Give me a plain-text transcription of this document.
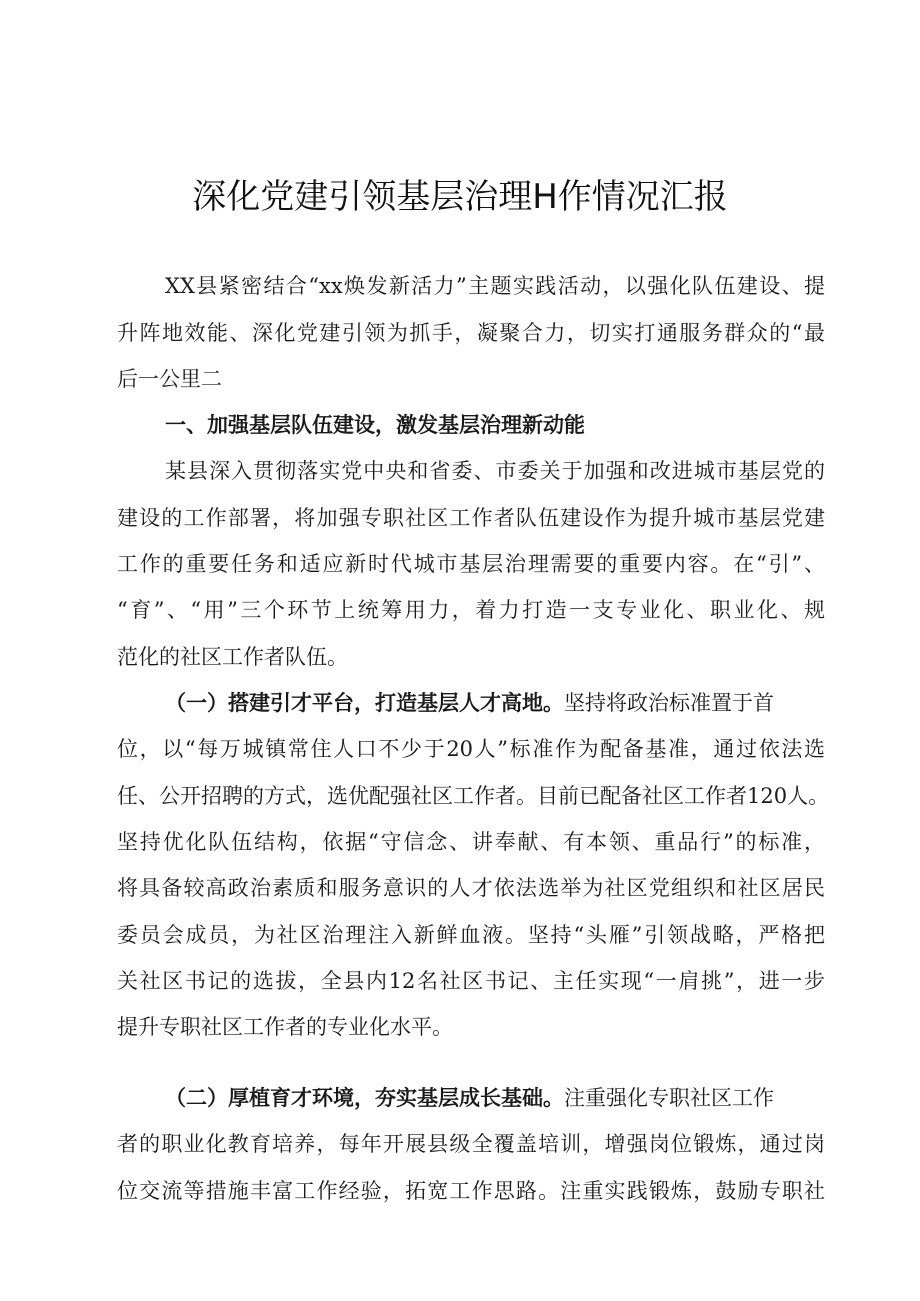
深化党建引领基层治理H作情况汇报
XX县紧密结合“xx焕发新活力”主题实践活动，以强化队伍建设、提
升阵地效能、深化党建引领为抓手，凝聚合力，切实打通服务群众的“最
后一公里二
一、加强基层队伍建设，激发基层治理新动能
某县深入贯彻落实党中央和省委、市委关于加强和改进城市基层党的
建设的工作部署，将加强专职社区工作者队伍建设作为提升城市基层党建
工作的重要任务和适应新时代城市基层治理需要的重要内容。在“引”、
“育”、“用”三个环节上统筹用力，着力打造一支专业化、职业化、规
范化的社区工作者队伍。
（一）搭建引才平台，打造基层人才高地。坚持将政治标准置于首
位，以“每万城镇常住人口不少于20人”标准作为配备基准，通过依法选
任、公开招聘的方式，选优配强社区工作者。目前已配备社区工作者120人。
坚持优化队伍结构，依据“守信念、讲奉献、有本领、重品行”的标准，
将具备较高政治素质和服务意识的人才依法选举为社区党组织和社区居民
委员会成员，为社区治理注入新鲜血液。坚持“头雁”引领战略，严格把
关社区书记的选拔，全县内12名社区书记、主任实现“一肩挑”，进一步
提升专职社区工作者的专业化水平。
（二）厚植育才环境，夯实基层成长基础。注重强化专职社区工作
者的职业化教育培养，每年开展县级全覆盖培训，增强岗位锻炼，通过岗
位交流等措施丰富工作经验，拓宽工作思路。注重实践锻炼，鼓励专职社
